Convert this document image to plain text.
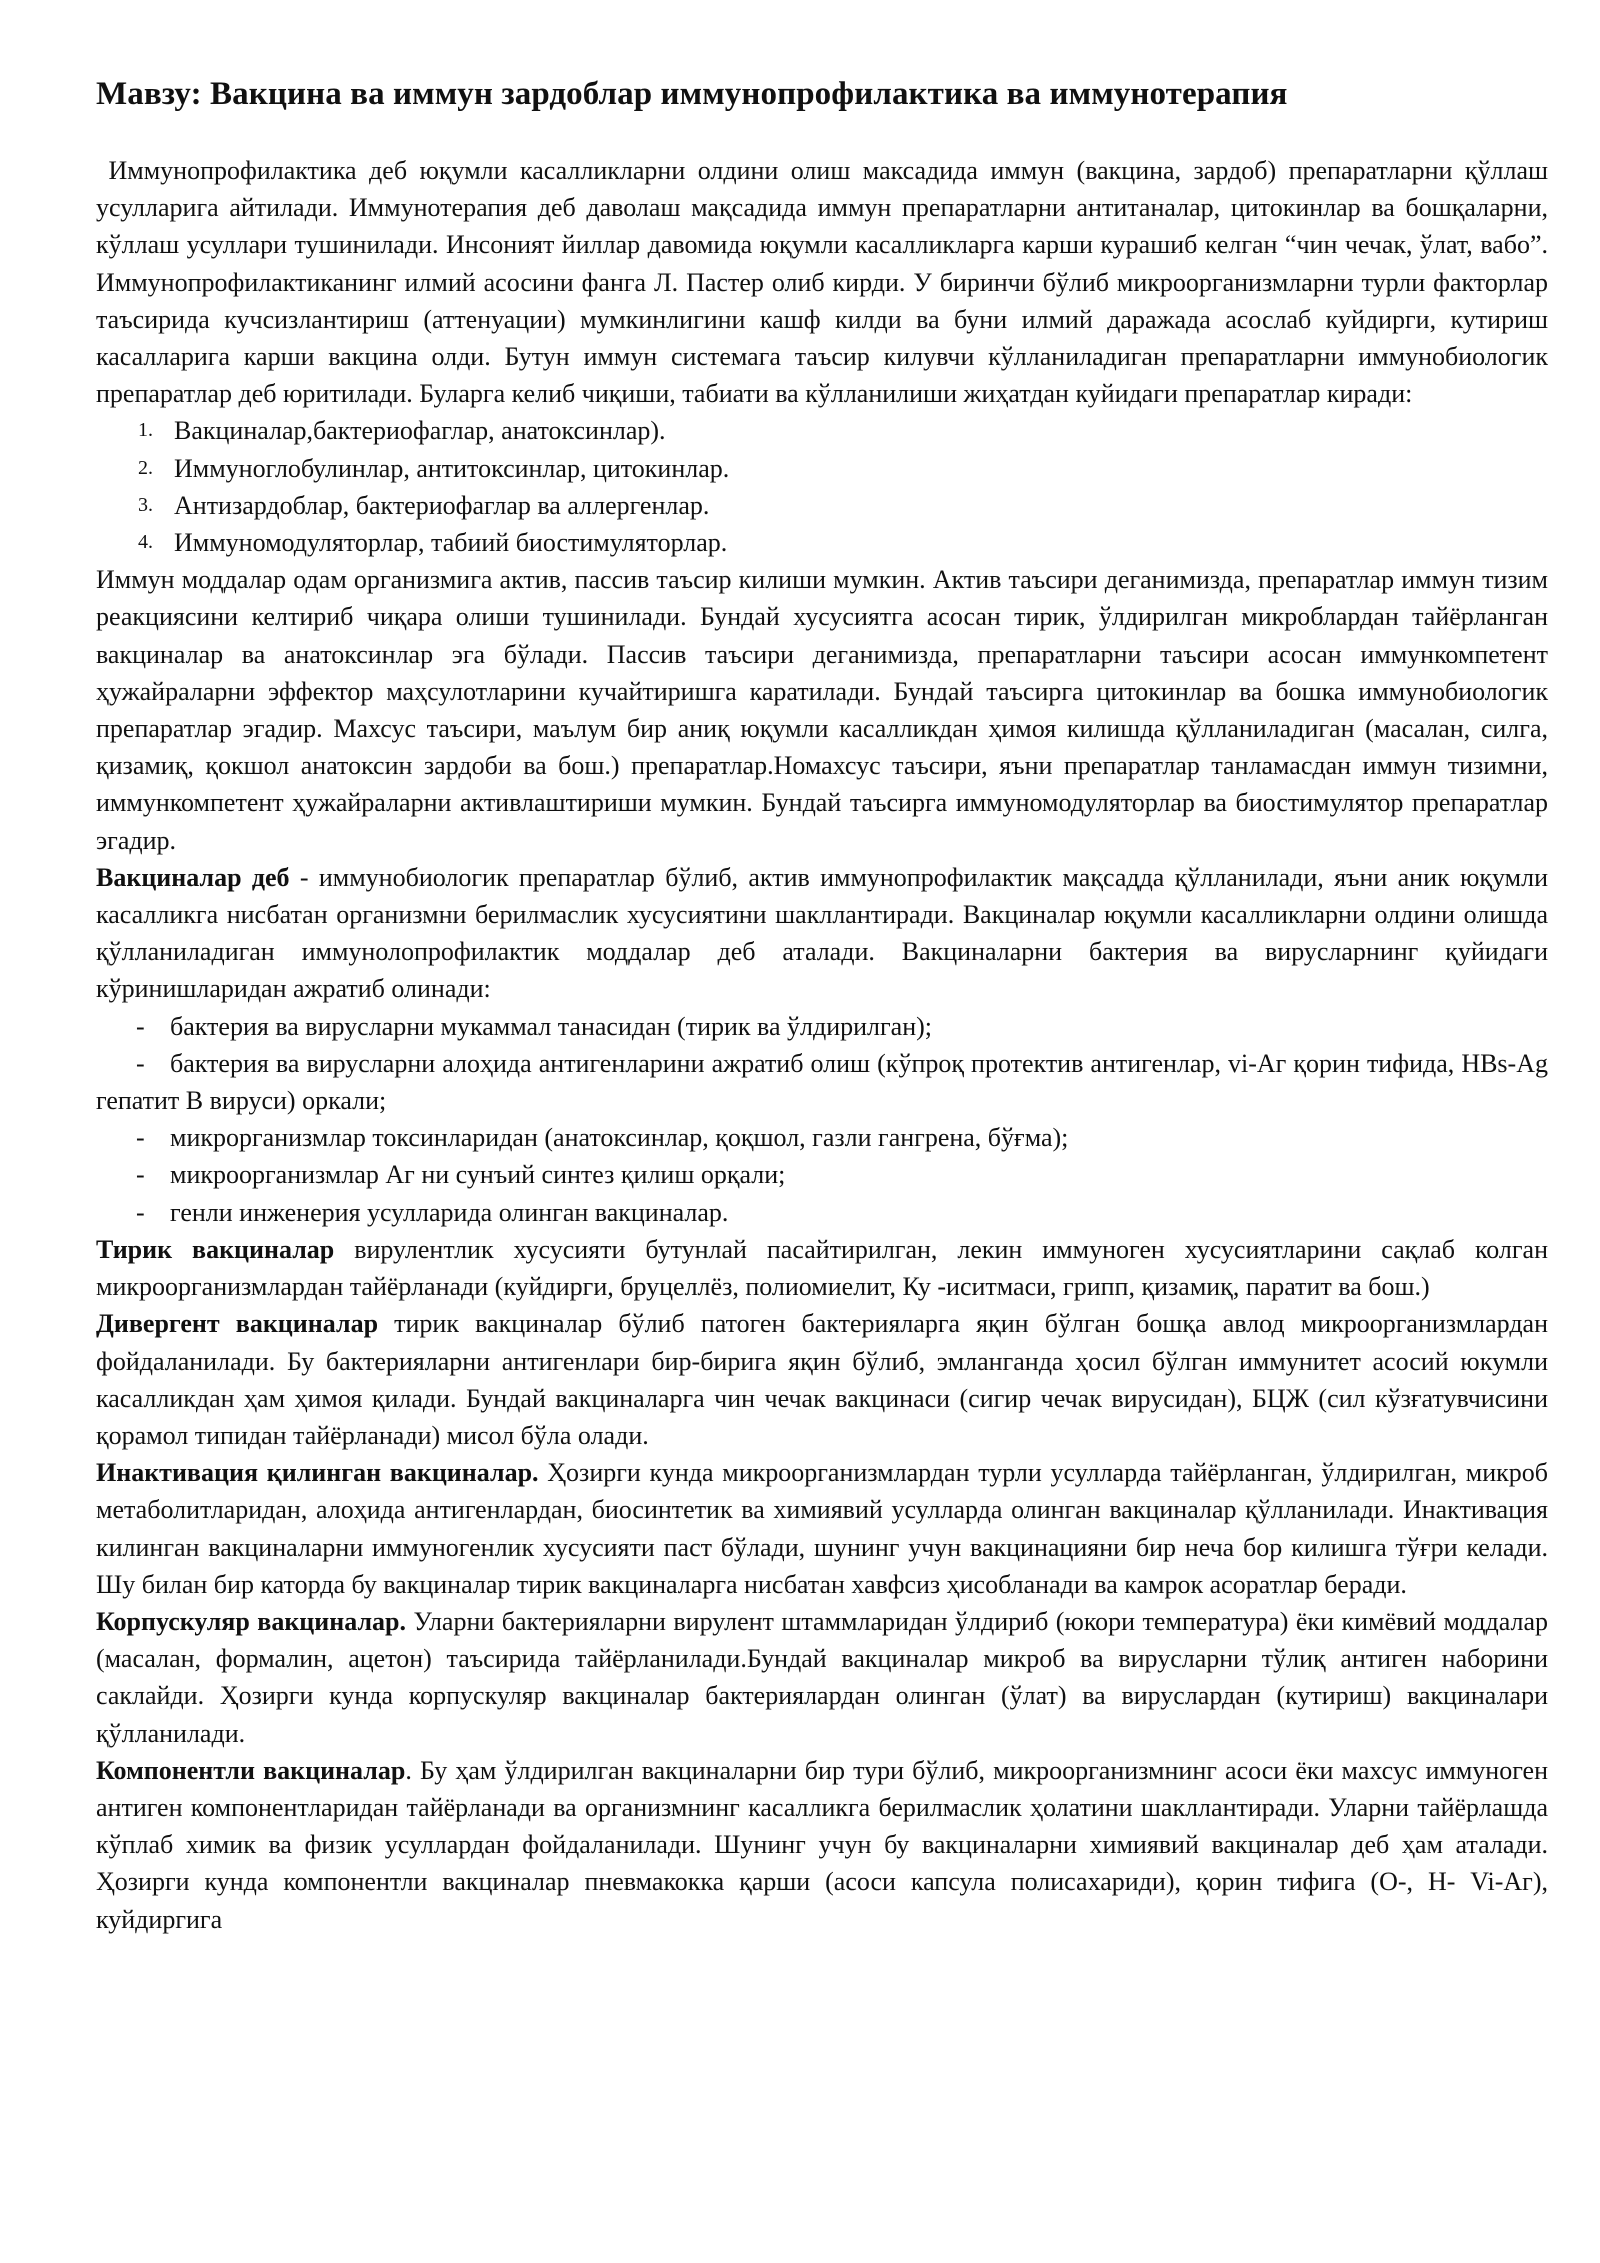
Мавзу: Вакцина ва иммун зардоблар иммунопрофилактика ва иммунотерапия

Иммунопрофилактика деб юқумли касалликларни олдини олиш максадида иммун (вакцина, зардоб) препаратларни қўллаш усулларига айтилади. Иммунотерапия деб даволаш мақсадида иммун препаратларни антитаналар, цитокинлар ва бошқаларни, кўллаш усуллари тушинилади. Инсоният йиллар давомида юқумли касалликларга карши курашиб келган “чин чечак, ўлат, вабо”. Иммунопрофилактиканинг илмий асосини фанга Л. Пастер олиб кирди. У биринчи бўлиб микроорганизмларни турли факторлар таъсирида кучсизлантириш (аттенуации) мумкинлигини кашф килди ва буни илмий даражада асослаб куйдирги, кутириш касалларига карши вакцина олди. Бутун иммун системага таъсир килувчи кўлланиладиган препаратларни иммунобиологик препаратлар деб юритилади. Буларга келиб чиқиши, табиати ва кўлланилиши жиҳатдан куйидаги препаратлар киради:

1. Вакциналар,бактериофаглар, анатоксинлар).
2. Иммуноглобулинлар, антитоксинлар, цитокинлар.
3. Антизардоблар, бактериофаглар ва аллергенлар.
4. Иммуномодуляторлар, табиий биостимуляторлар.

Иммун моддалар одам организмига актив, пассив таъсир килиши мумкин. Актив таъсири деганимизда, препаратлар иммун тизим реакциясини келтириб чиқара олиши тушинилади. Бундай хусусиятга асосан тирик, ўлдирилган микроблардан тайёрланган вакциналар ва анатоксинлар эга бўлади. Пассив таъсири деганимизда, препаратларни таъсири асосан иммункомпетент ҳужайраларни эффектор маҳсулотларини кучайтиришга каратилади. Бундай таъсирга цитокинлар ва бошка иммунобиологик препаратлар эгадир. Махсус таъсири, маълум бир аниқ юқумли касалликдан ҳимоя килишда қўлланиладиган (масалан, силга, қизамиқ, қокшол анатоксин зардоби ва бош.) препаратлар.Номахсус таъсири, яъни препаратлар танламасдан иммун тизимни, иммункомпетент ҳужайраларни активлаштириши мумкин. Бундай таъсирга иммуномодуляторлар ва биостимулятор препаратлар эгадир.

Вакциналар деб - иммунобиологик препаратлар бўлиб, актив иммунопрофилактик мақсадда қўлланилади, яъни аник юқумли касалликга нисбатан организмни берилмаслик хусусиятини шакллантиради. Вакциналар юқумли касалликларни олдини олишда қўлланиладиган иммунолопрофилактик моддалар деб аталади. Вакциналарни бактерия ва вирусларнинг қуйидаги кўринишларидан ажратиб олинади:

- бактерия ва вирусларни мукаммал танасидан (тирик ва ўлдирилган);
- бактерия ва вирусларни алоҳида антигенларини ажратиб олиш (кўпроқ протектив антигенлар, vi-Аг қорин тифида, HBs-Ag гепатит B вируси) оркали;
- микрорганизмлар токсинларидан (анатоксинлар, қоқшол, газли гангрена, бўғма);
- микроорганизмлар Аг ни сунъий синтез қилиш орқали;
- генли инженерия усулларида олинган вакциналар.

Тирик вакциналар вирулентлик хусусияти бутунлай пасайтирилган, лекин иммуноген хусусиятларини сақлаб колган микроорганизмлардан тайёрланади (куйдирги, бруцеллёз, полиомиелит, Ку -иситмаси, грипп, қизамиқ, паратит ва бош.)

Дивергент вакциналар тирик вакциналар бўлиб патоген бактерияларга яқин бўлган бошқа авлод микроорганизмлардан фойдаланилади. Бу бактерияларни антигенлари бир-бирига яқин бўлиб, эмланганда ҳосил бўлган иммунитет асосий юкумли касалликдан ҳам ҳимоя қилади. Бундай вакциналарга чин чечак вакцинаси (сигир чечак вирусидан), БЦЖ (сил кўзғатувчисини қорамол типидан тайёрланади) мисол бўла олади.

Инактивация қилинган вакциналар. Ҳозирги кунда микроорганизмлардан турли усулларда тайёрланган, ўлдирилган, микроб метаболитларидан, алоҳида антигенлардан, биосинтетик ва химиявий усулларда олинган вакциналар қўлланилади. Инактивация килинган вакциналарни иммуногенлик хусусияти паст бўлади, шунинг учун вакцинацияни бир неча бор килишга тўғри келади. Шу билан бир каторда бу вакциналар тирик вакциналарга нисбатан хавфсиз ҳисобланади ва камрок асоратлар беради.

Корпускуляр вакциналар. Уларни бактерияларни вирулент штаммларидан ўлдириб (юкори температура) ёки кимёвий моддалар (масалан, формалин, ацетон) таъсирида тайёрланилади.Бундай вакциналар микроб ва вирусларни тўлиқ антиген наборини саклайди. Ҳозирги кунда корпускуляр вакциналар бактериялардан олинган (ўлат) ва вируслардан (кутириш) вакциналари қўлланилади.

Компонентли вакциналар. Бу ҳам ўлдирилган вакциналарни бир тури бўлиб, микроорганизмнинг асоси ёки махсус иммуноген антиген компонентларидан тайёрланади ва организмнинг касалликга берилмаслик ҳолатини шакллантиради. Уларни тайёрлашда кўплаб химик ва физик усуллардан фойдаланилади. Шунинг учун бу вакциналарни химиявий вакциналар деб ҳам аталади. Ҳозирги кунда компонентли вакциналар пневмакокка қарши (асоси капсула полисахариди), қорин тифига (О-, Н- Vi-Аг), куйдиргига
